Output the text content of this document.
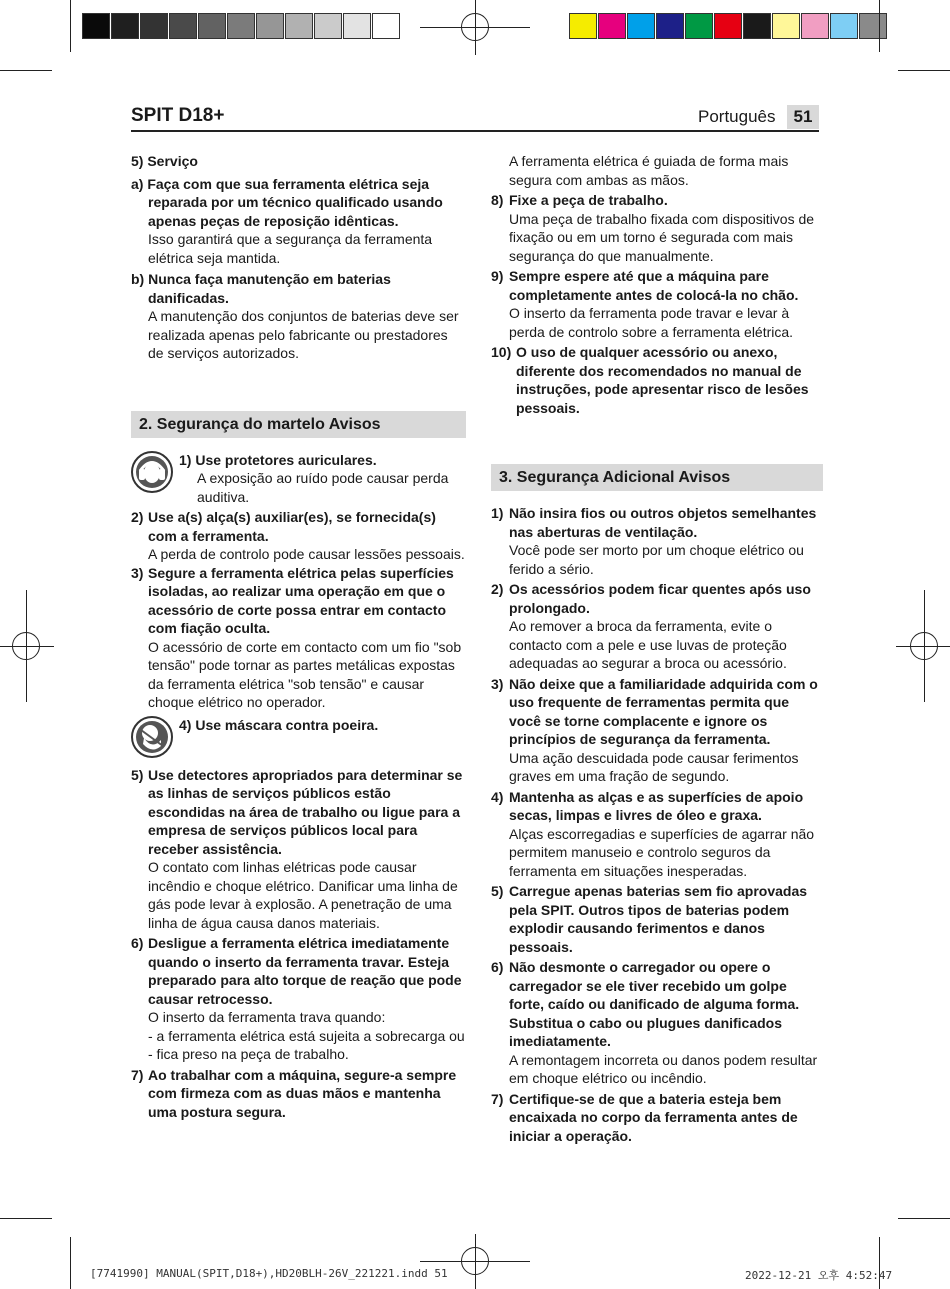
SPIT D18+	Português	51
5) Serviço
a) Faça com que sua ferramenta elétrica seja reparada por um técnico qualificado usando apenas peças de reposição idênticas.
Isso garantirá que a segurança da ferramenta elétrica seja mantida.
b) Nunca faça manutenção em baterias danificadas.
A manutenção dos conjuntos de baterias deve ser realizada apenas pelo fabricante ou prestadores de serviços autorizados.
2. Segurança do martelo Avisos
1) Use protetores auriculares.
A exposição ao ruído pode causar perda auditiva.
2) Use a(s) alça(s) auxiliar(es), se fornecida(s) com a ferramenta.
A perda de controlo pode causar lessões pessoais.
3) Segure a ferramenta elétrica pelas superfícies isoladas, ao realizar uma operação em que o acessório de corte possa entrar em contacto com fiação oculta.
O acessório de corte em contacto com um fio "sob tensão" pode tornar as partes metálicas expostas da ferramenta elétrica "sob tensão" e causar choque elétrico no operador.
4) Use máscara contra poeira.
5) Use detectores apropriados para determinar se as linhas de serviços públicos estão escondidas na área de trabalho ou ligue para a empresa de serviços públicos local para receber assistência.
O contato com linhas elétricas pode causar incêndio e choque elétrico. Danificar uma linha de gás pode levar à explosão. A penetração de uma linha de água causa danos materiais.
6) Desligue a ferramenta elétrica imediatamente quando o inserto da ferramenta travar. Esteja preparado para alto torque de reação que pode causar retrocesso.
O inserto da ferramenta trava quando:
- a ferramenta elétrica está sujeita a sobrecarga ou
- fica preso na peça de trabalho.
7) Ao trabalhar com a máquina, segure-a sempre com firmeza com as duas mãos e mantenha uma postura segura.
A ferramenta elétrica é guiada de forma mais segura com ambas as mãos.
8) Fixe a peça de trabalho.
Uma peça de trabalho fixada com dispositivos de fixação ou em um torno é segurada com mais segurança do que manualmente.
9) Sempre espere até que a máquina pare completamente antes de colocá-la no chão.
O inserto da ferramenta pode travar e levar à perda de controlo sobre a ferramenta elétrica.
10) O uso de qualquer acessório ou anexo, diferente dos recomendados no manual de instruções, pode apresentar risco de lesões pessoais.
3. Segurança Adicional Avisos
1) Não insira fios ou outros objetos semelhantes nas aberturas de ventilação.
Você pode ser morto por um choque elétrico ou ferido a sério.
2) Os acessórios podem ficar quentes após uso prolongado.
Ao remover a broca da ferramenta, evite o contacto com a pele e use luvas de proteção adequadas ao segurar a broca ou acessório.
3) Não deixe que a familiaridade adquirida com o uso frequente de ferramentas permita que você se torne complacente e ignore os princípios de segurança da ferramenta.
Uma ação descuidada pode causar ferimentos graves em uma fração de segundo.
4) Mantenha as alças e as superfícies de apoio secas, limpas e livres de óleo e graxa.
Alças escorregadias e superfícies de agarrar não permitem manuseio e controlo seguros da ferramenta em situações inesperadas.
5) Carregue apenas baterias sem fio aprovadas pela SPIT. Outros tipos de baterias podem explodir causando ferimentos e danos pessoais.
6) Não desmonte o carregador ou opere o carregador se ele tiver recebido um golpe forte, caído ou danificado de alguma forma. Substitua o cabo ou plugues danificados imediatamente.
A remontagem incorreta ou danos podem resultar em choque elétrico ou incêndio.
7) Certifique-se de que a bateria esteja bem encaixada no corpo da ferramenta antes de iniciar a operação.
[7741990] MANUAL(SPIT,D18+),HD20BLH-26V_221221.indd 51	2022-12-21 오후 4:52:47
